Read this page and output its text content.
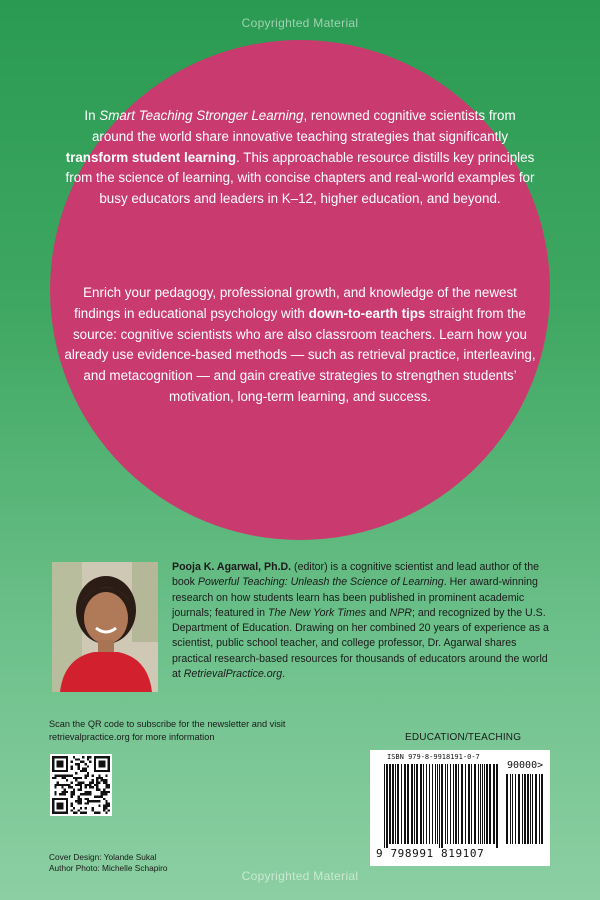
Copyrighted Material
In Smart Teaching Stronger Learning, renowned cognitive scientists from around the world share innovative teaching strategies that significantly transform student learning. This approachable resource distills key principles from the science of learning, with concise chapters and real-world examples for busy educators and leaders in K–12, higher education, and beyond.
Enrich your pedagogy, professional growth, and knowledge of the newest findings in educational psychology with down-to-earth tips straight from the source: cognitive scientists who are also classroom teachers. Learn how you already use evidence-based methods — such as retrieval practice, interleaving, and metacognition — and gain creative strategies to strengthen students’ motivation, long-term learning, and success.
Pooja K. Agarwal, Ph.D. (editor) is a cognitive scientist and lead author of the book Powerful Teaching: Unleash the Science of Learning. Her award-winning research on how students learn has been published in prominent academic journals; featured in The New York Times and NPR; and recognized by the U.S. Department of Education. Drawing on her combined 20 years of experience as a scientist, public school teacher, and college professor, Dr. Agarwal shares practical research-based resources for thousands of educators around the world at RetrievalPractice.org.
Scan the QR code to subscribe for the newsletter and visit retrievalpractice.org for more information	EDUCATION/TEACHING
ISBN 979-8-9918191-0-7
90000>
9 798991 819107
Cover Design: Yolande Sukal
Author Photo: Michelle Schapiro
Copyrighted Material
